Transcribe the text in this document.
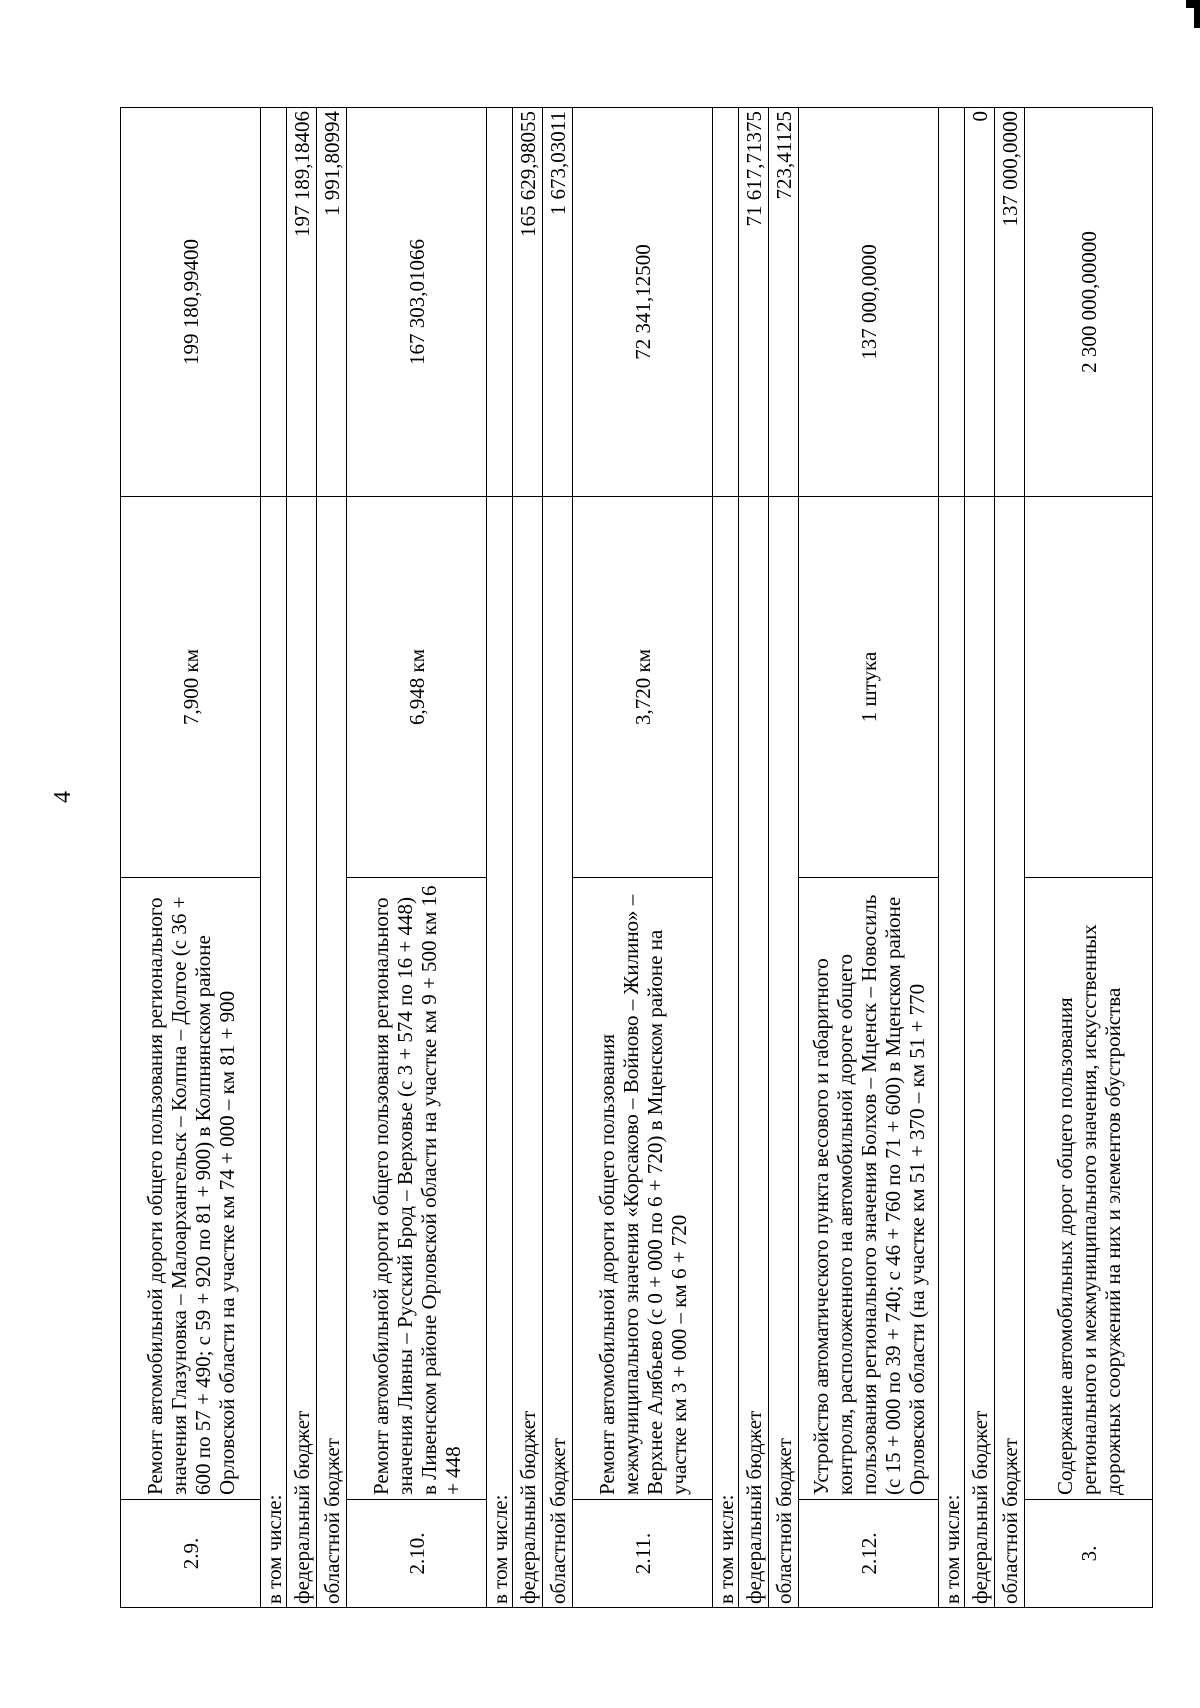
4
2.9.	Ремонт автомобильной дороги общего пользования регионального значения Глазуновка – Малоархангельск – Колпна – Долгое (с 36 + 600 по 57 + 490; с 59 + 920 по 81 + 900) в Колпнянском районе Орловской области на участке км 74 + 000 – км 81 + 900	7,900 км	199 180,99400
в том числе:			
федеральный бюджет			197 189,18406
областной бюджет			1 991,80994
2.10.	Ремонт автомобильной дороги общего пользования регионального значения Ливны – Русский Брод – Верховье (с 3 + 574 по 16 + 448) в Ливенском районе Орловской области на участке км 9 + 500 км 16 + 448	6,948 км	167 303,01066
в том числе:			
федеральный бюджет			165 629,98055
областной бюджет			1 673,03011
2.11.	Ремонт автомобильной дороги общего пользования межмуниципального значения «Корсаково – Войново – Жилино» – Верхнее Алябьево (с 0 + 000 по 6 + 720) в Мценском районе на участке км 3 + 000 – км 6 + 720	3,720 км	72 341,12500
в том числе:			
федеральный бюджет			71 617,71375
областной бюджет			723,41125
2.12.	Устройство автоматического пункта весового и габаритного контроля, расположенного на автомобильной дороге общего пользования регионального значения Болхов – Мценск – Новосиль (с 15 + 000 по 39 + 740; с 46 + 760 по 71 + 600) в Мценском районе Орловской области (на участке км 51 + 370 – км 51 + 770	1 штука	137 000,0000
в том числе:			
федеральный бюджет			0
областной бюджет			137 000,0000
3.	Содержание автомобильных дорог общего пользования регионального и межмуниципального значения, искусственных дорожных сооружений на них и элементов обустройства		2 300 000,00000
